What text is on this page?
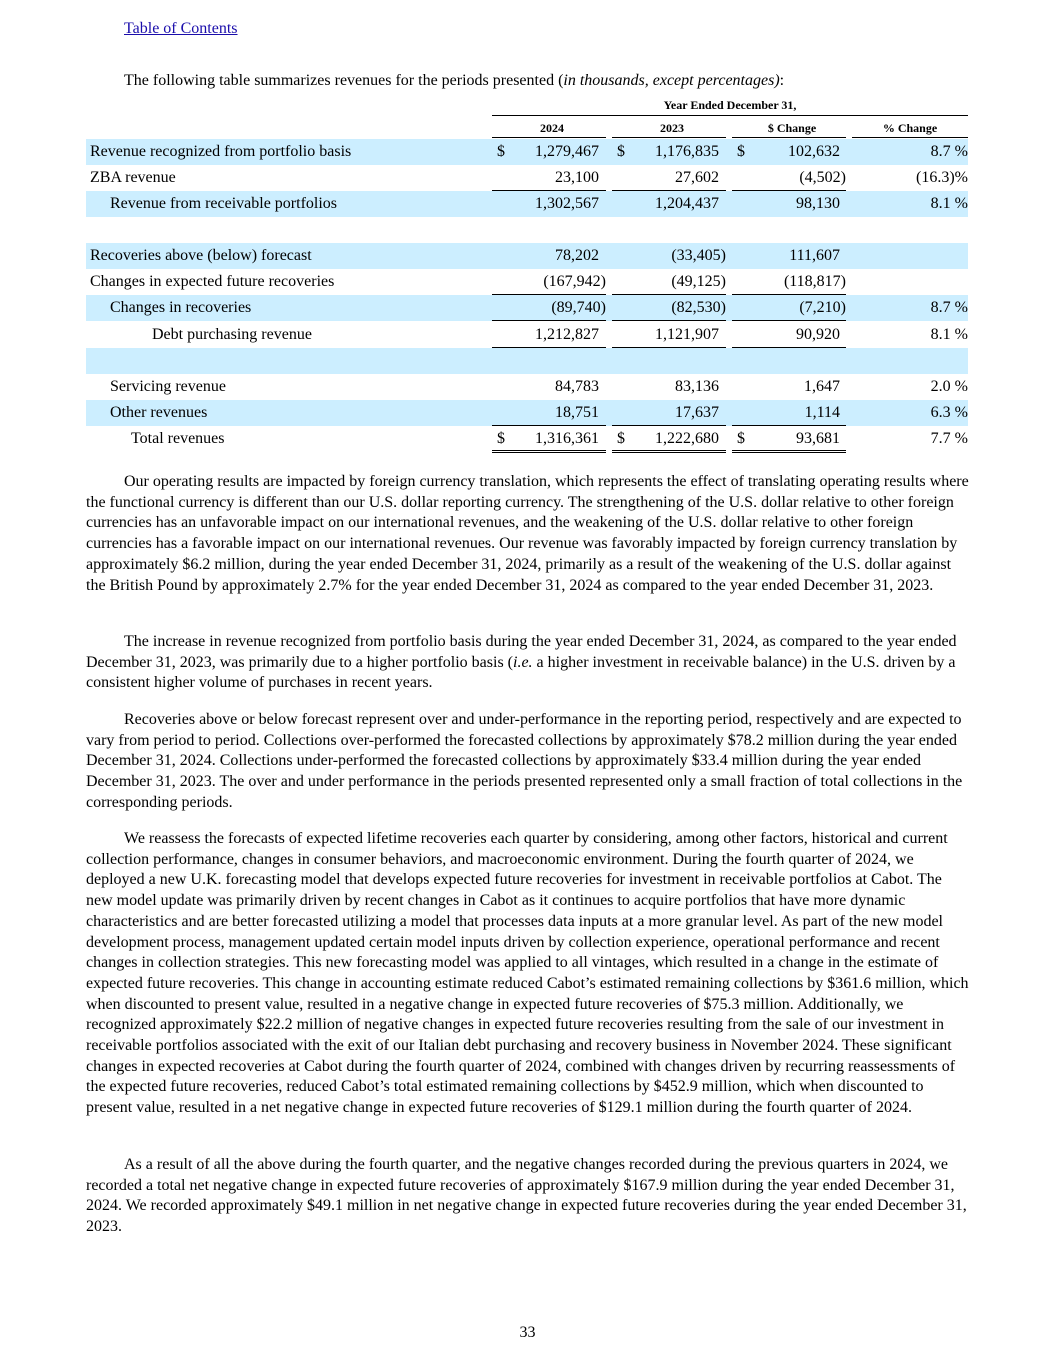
Table of Contents
The following table summarizes revenues for the periods presented (in thousands, except percentages):
Year Ended December 31,
2024	2023	$ Change	% Change
Revenue recognized from portfolio basis	$	1,279,467 $	1,176,835 $	102,632	8.7 %
ZBA revenue	23,100	27,602	(4,502)	(16.3)%
Revenue from receivable portfolios	1,302,567	1,204,437	98,130	8.1 %
Recoveries above (below) forecast	78,202	(33,405)	111,607
Changes in expected future recoveries	(167,942)	(49,125)	(118,817)
Changes in recoveries	(89,740)	(82,530)	(7,210)	8.7 %
Debt purchasing revenue	1,212,827	1,121,907	90,920	8.1 %
Servicing revenue	84,783	83,136	1,647	2.0 %
Other revenues	18,751	17,637	1,114	6.3 %
Total revenues	$	1,316,361 $	1,222,680 $	93,681	7.7 %

Our operating results are impacted by foreign currency translation, which represents the effect of translating operating results where the functional currency is different than our U.S. dollar reporting currency. The strengthening of the U.S. dollar relative to other foreign currencies has an unfavorable impact on our international revenues, and the weakening of the U.S. dollar relative to other foreign currencies has a favorable impact on our international revenues. Our revenue was favorably impacted by foreign currency translation by approximately $6.2 million, during the year ended December 31, 2024, primarily as a result of the weakening of the U.S. dollar against the British Pound by approximately 2.7% for the year ended December 31, 2024 as compared to the year ended December 31, 2023.

The increase in revenue recognized from portfolio basis during the year ended December 31, 2024, as compared to the year ended December 31, 2023, was primarily due to a higher portfolio basis (i.e. a higher investment in receivable balance) in the U.S. driven by a consistent higher volume of purchases in recent years.

Recoveries above or below forecast represent over and under-performance in the reporting period, respectively and are expected to vary from period to period. Collections over-performed the forecasted collections by approximately $78.2 million during the year ended December 31, 2024. Collections under-performed the forecasted collections by approximately $33.4 million during the year ended December 31, 2023. The over and under performance in the periods presented represented only a small fraction of total collections in the corresponding periods.

We reassess the forecasts of expected lifetime recoveries each quarter by considering, among other factors, historical and current collection performance, changes in consumer behaviors, and macroeconomic environment. During the fourth quarter of 2024, we deployed a new U.K. forecasting model that develops expected future recoveries for investment in receivable portfolios at Cabot. The new model update was primarily driven by recent changes in Cabot as it continues to acquire portfolios that have more dynamic characteristics and are better forecasted utilizing a model that processes data inputs at a more granular level. As part of the new model development process, management updated certain model inputs driven by collection experience, operational performance and recent changes in collection strategies. This new forecasting model was applied to all vintages, which resulted in a change in the estimate of expected future recoveries. This change in accounting estimate reduced Cabot’s estimated remaining collections by $361.6 million, which when discounted to present value, resulted in a negative change in expected future recoveries of $75.3 million. Additionally, we recognized approximately $22.2 million of negative changes in expected future recoveries resulting from the sale of our investment in receivable portfolios associated with the exit of our Italian debt purchasing and recovery business in November 2024. These significant changes in expected recoveries at Cabot during the fourth quarter of 2024, combined with changes driven by recurring reassessments of the expected future recoveries, reduced Cabot’s total estimated remaining collections by $452.9 million, which when discounted to present value, resulted in a net negative change in expected future recoveries of $129.1 million during the fourth quarter of 2024.

As a result of all the above during the fourth quarter, and the negative changes recorded during the previous quarters in 2024, we recorded a total net negative change in expected future recoveries of approximately $167.9 million during the year ended December 31, 2024. We recorded approximately $49.1 million in net negative change in expected future recoveries during the year ended December 31, 2023.

33
